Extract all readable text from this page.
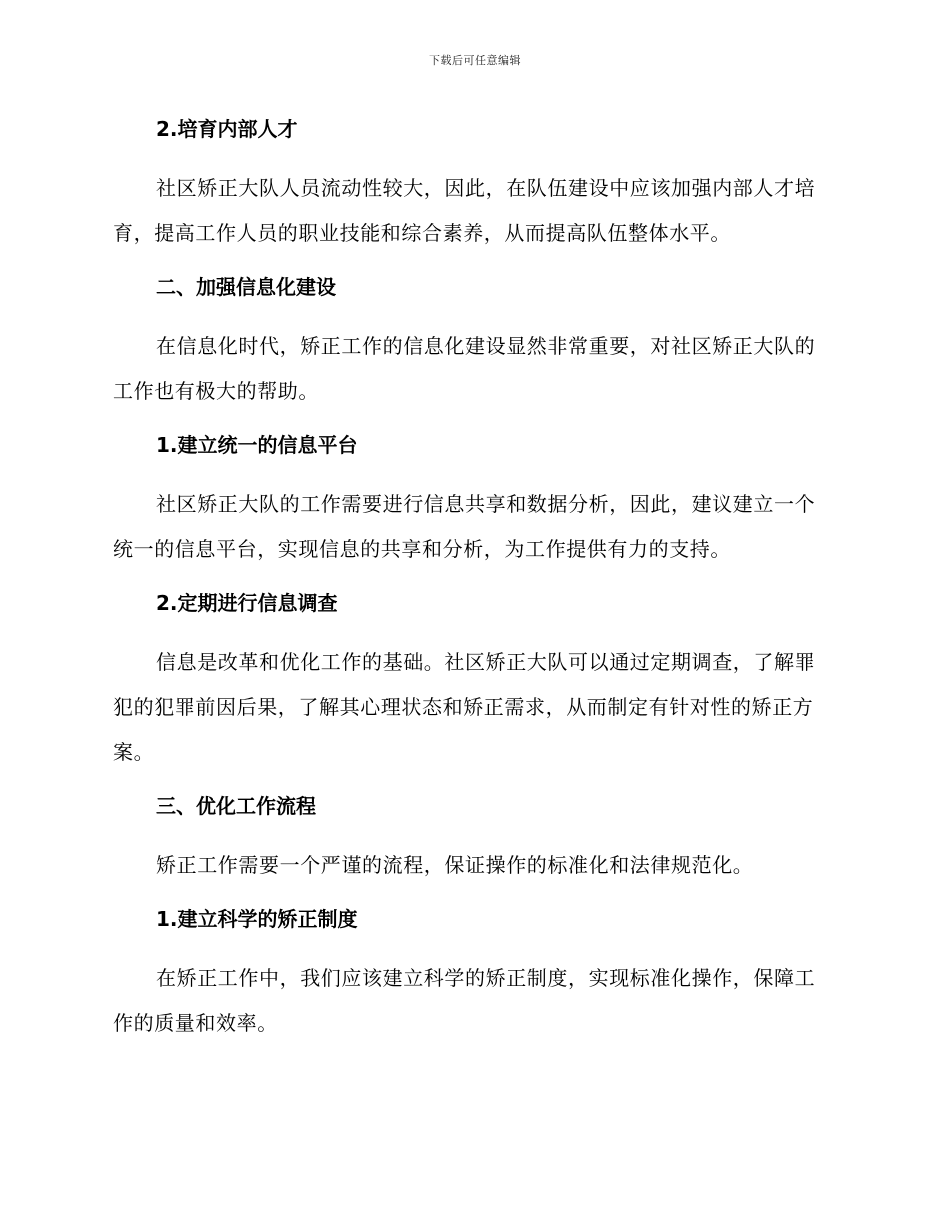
下载后可任意编辑
2.培育内部人才

社区矫正大队人员流动性较大，因此，在队伍建设中应该加强内部人才培育，提高工作人员的职业技能和综合素养，从而提高队伍整体水平。

二、加强信息化建设

在信息化时代，矫正工作的信息化建设显然非常重要，对社区矫正大队的工作也有极大的帮助。

1.建立统一的信息平台

社区矫正大队的工作需要进行信息共享和数据分析，因此，建议建立一个统一的信息平台，实现信息的共享和分析，为工作提供有力的支持。

2.定期进行信息调查

信息是改革和优化工作的基础。社区矫正大队可以通过定期调查，了解罪犯的犯罪前因后果，了解其心理状态和矫正需求，从而制定有针对性的矫正方案。

三、优化工作流程

矫正工作需要一个严谨的流程，保证操作的标准化和法律规范化。

1.建立科学的矫正制度

在矫正工作中，我们应该建立科学的矫正制度，实现标准化操作，保障工作的质量和效率。
